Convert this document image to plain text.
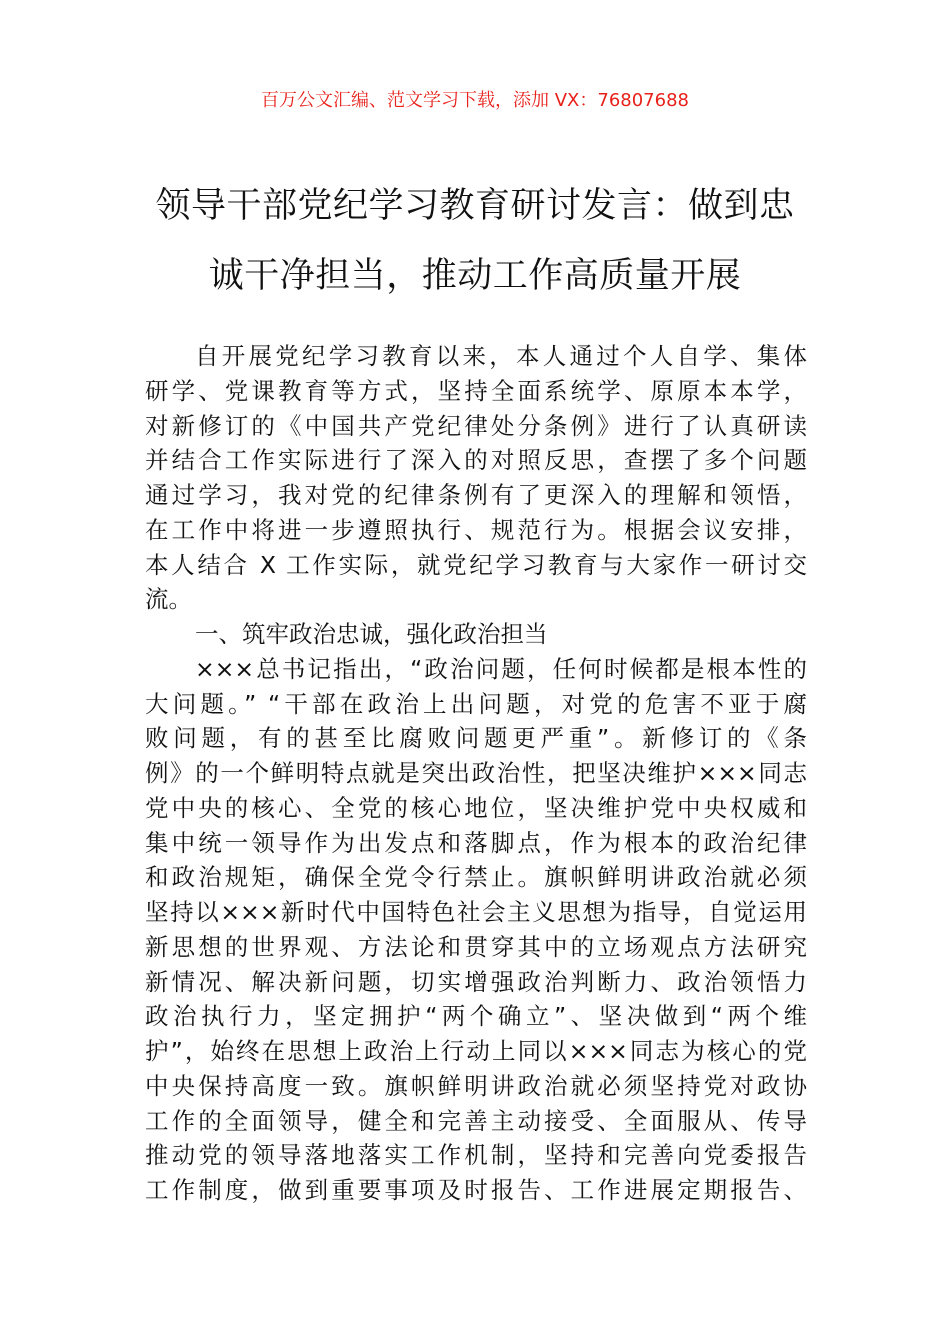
百万公文汇编、范文学习下载，添加 VX：76807688
领导干部党纪学习教育研讨发言：做到忠
诚干净担当，推动工作高质量开展
自开展党纪学习教育以来，本人通过个人自学、集体
研学、党课教育等方式，坚持全面系统学、原原本本学，
对新修订的《中国共产党纪律处分条例》进行了认真研读
并结合工作实际进行了深入的对照反思，查摆了多个问题
通过学习，我对党的纪律条例有了更深入的理解和领悟，
在工作中将进一步遵照执行、规范行为。根据会议安排，
本人结合 X 工作实际，就党纪学习教育与大家作一研讨交
流。
一、筑牢政治忠诚，强化政治担当
×××总书记指出，“政治问题，任何时候都是根本性的
大问题。” “干部在政治上出问题，对党的危害不亚于腐
败问题，有的甚至比腐败问题更严重”。新修订的《条
例》的一个鲜明特点就是突出政治性，把坚决维护×××同志
党中央的核心、全党的核心地位，坚决维护党中央权威和
集中统一领导作为出发点和落脚点，作为根本的政治纪律
和政治规矩，确保全党令行禁止。旗帜鲜明讲政治就必须
坚持以×××新时代中国特色社会主义思想为指导，自觉运用
新思想的世界观、方法论和贯穿其中的立场观点方法研究
新情况、解决新问题，切实增强政治判断力、政治领悟力
政治执行力，坚定拥护“两个确立”、坚决做到“两个维
护”，始终在思想上政治上行动上同以×××同志为核心的党
中央保持高度一致。旗帜鲜明讲政治就必须坚持党对政协
工作的全面领导，健全和完善主动接受、全面服从、传导
推动党的领导落地落实工作机制，坚持和完善向党委报告
工作制度，做到重要事项及时报告、工作进展定期报告、
